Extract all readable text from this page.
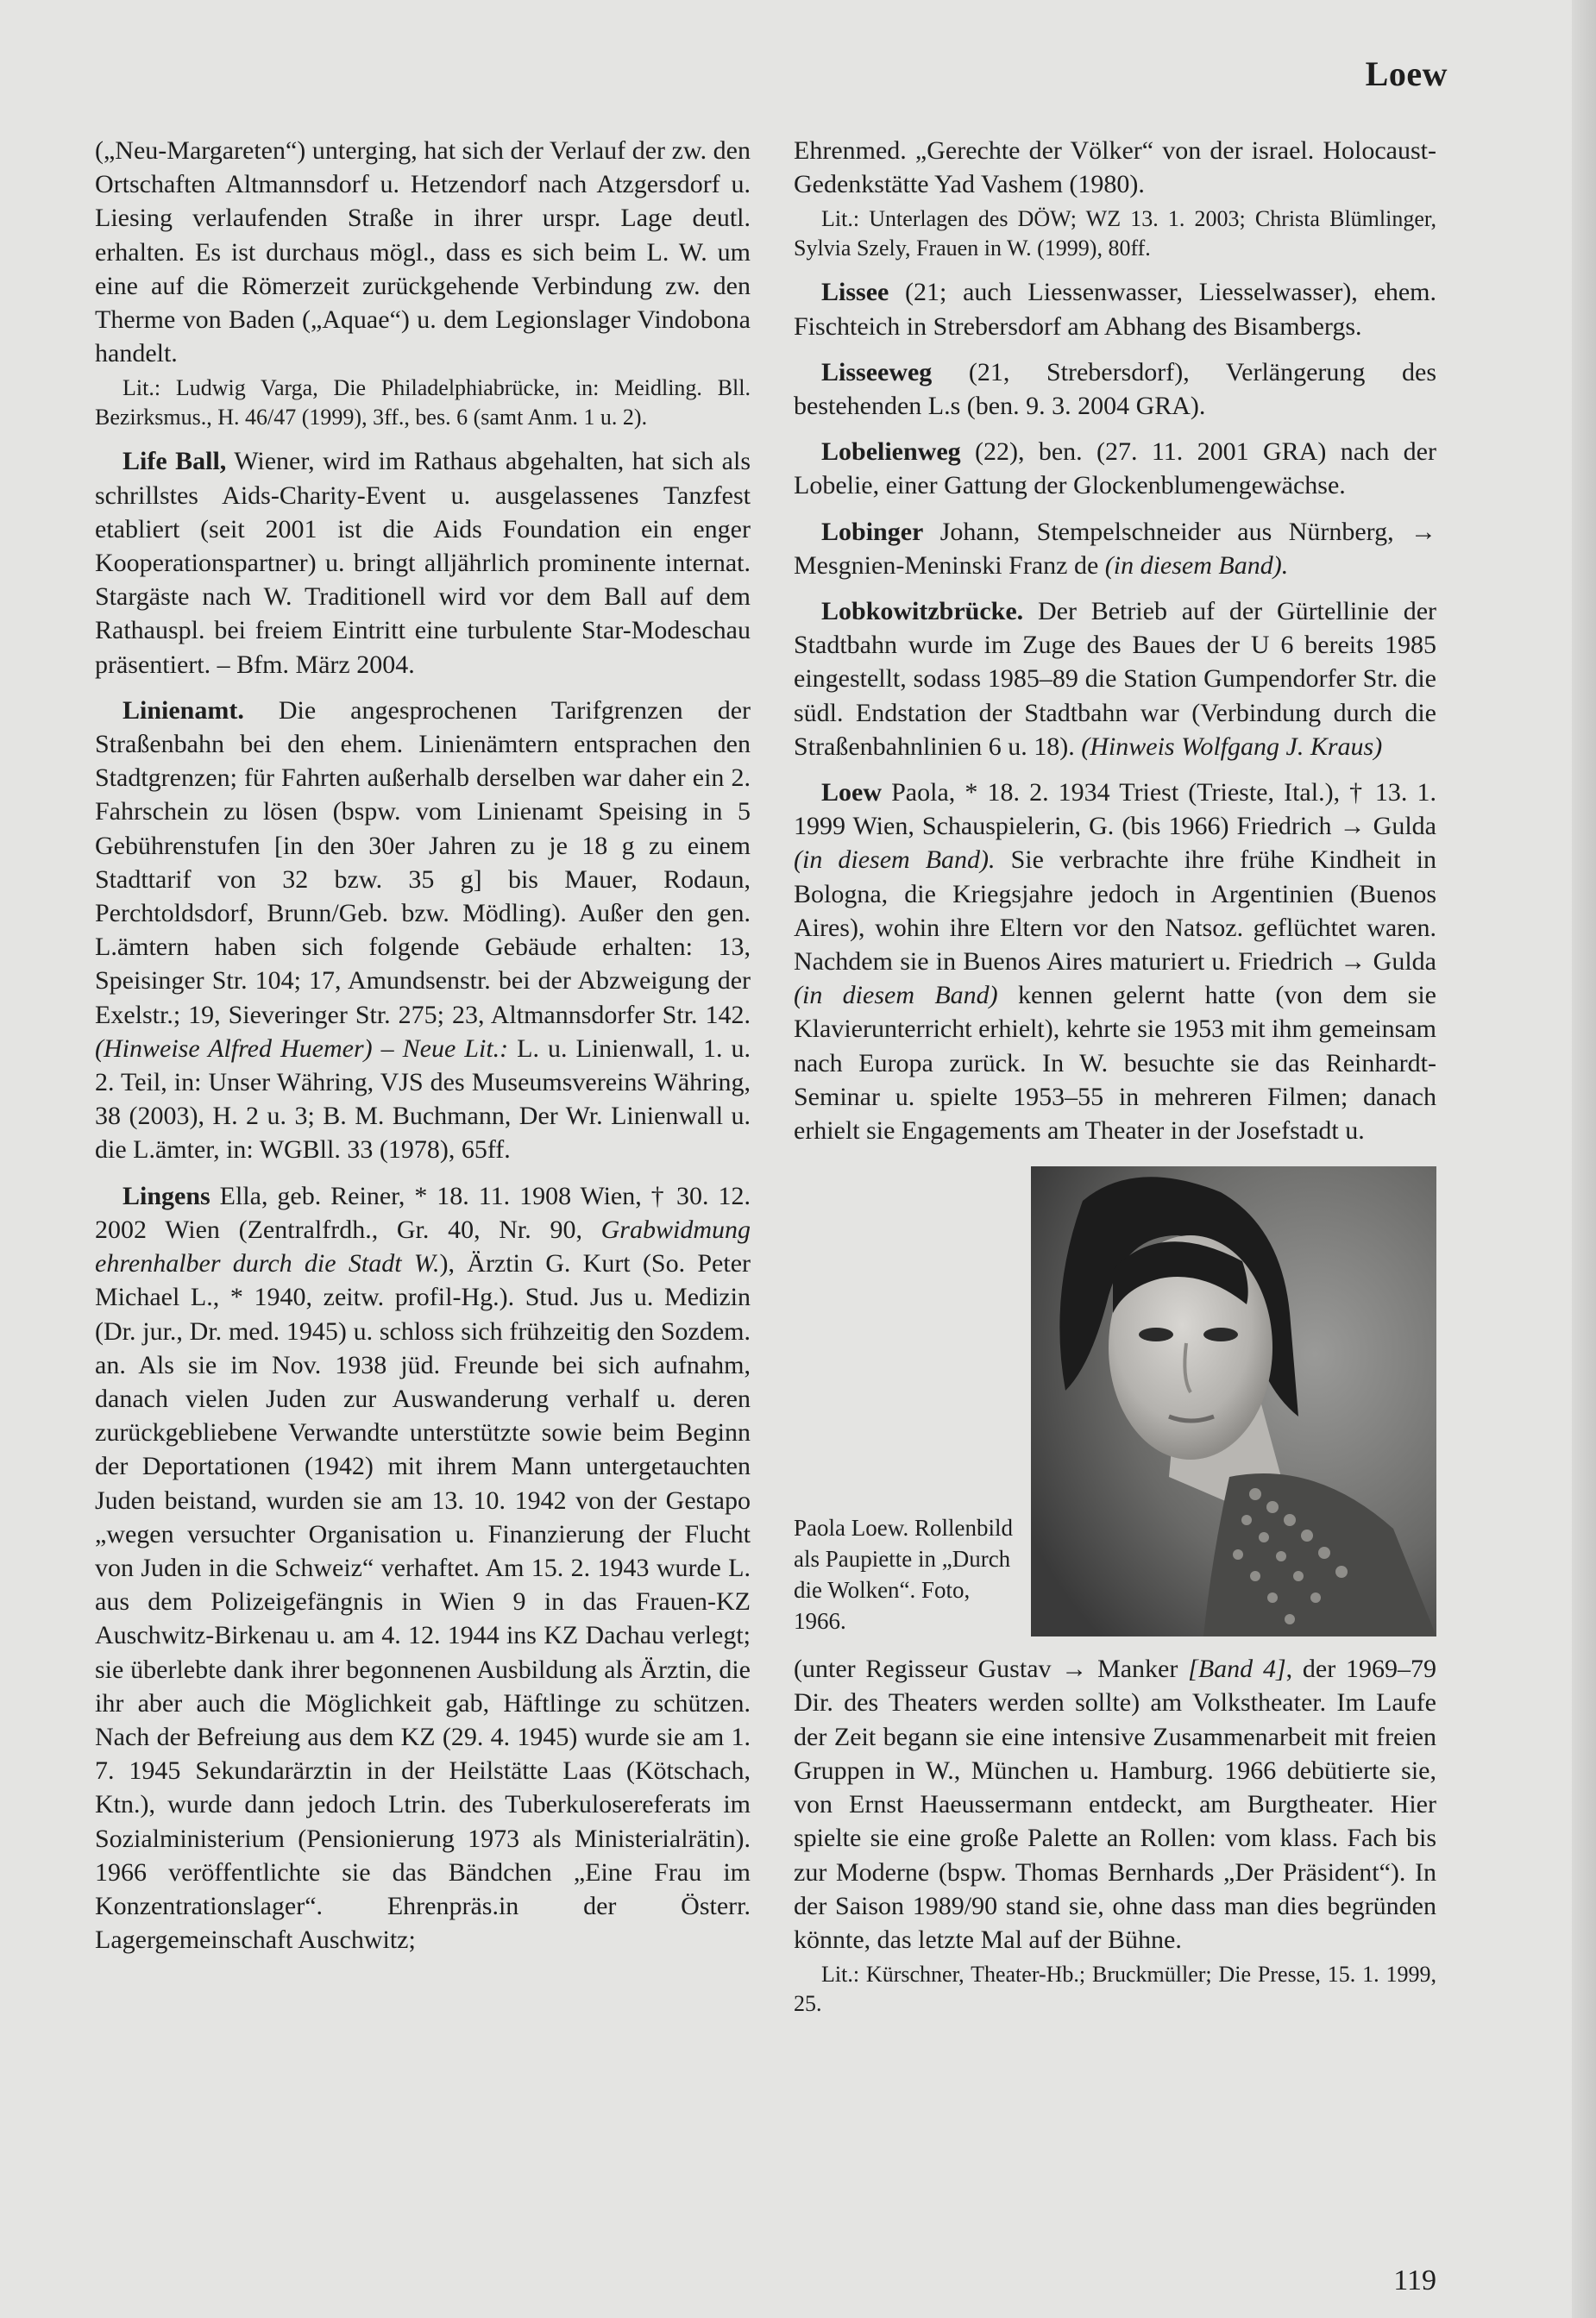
Loew

(„Neu-Margareten“) unterging, hat sich der Verlauf der zw. den Ortschaften Altmannsdorf u. Hetzendorf nach Atzgersdorf u. Liesing verlaufenden Straße in ihrer urspr. Lage deutl. erhalten. Es ist durchaus mögl., dass es sich beim L. W. um eine auf die Römerzeit zurückgehende Verbindung zw. den Therme von Baden („Aquae“) u. dem Legionslager Vindobona handelt.

Lit.: Ludwig Varga, Die Philadelphiabrücke, in: Meidling. Bll. Bezirksmus., H. 46/47 (1999), 3ff., bes. 6 (samt Anm. 1 u. 2).

Life Ball, Wiener, wird im Rathaus abgehalten, hat sich als schrillstes Aids-Charity-Event u. ausgelassenes Tanzfest etabliert (seit 2001 ist die Aids Foundation ein enger Kooperationspartner) u. bringt alljährlich prominente internat. Stargäste nach W. Traditionell wird vor dem Ball auf dem Rathauspl. bei freiem Eintritt eine turbulente Star-Modeschau präsentiert. – Bfm. März 2004.

Linienamt. Die angesprochenen Tarifgrenzen der Straßenbahn bei den ehem. Linienämtern entsprachen den Stadtgrenzen; für Fahrten außerhalb derselben war daher ein 2. Fahrschein zu lösen (bspw. vom Linienamt Speising in 5 Gebührenstufen [in den 30er Jahren zu je 18 g zu einem Stadttarif von 32 bzw. 35 g] bis Mauer, Rodaun, Perchtoldsdorf, Brunn/Geb. bzw. Mödling). Außer den gen. L.ämtern haben sich folgende Gebäude erhalten: 13, Speisinger Str. 104; 17, Amundsenstr. bei der Abzweigung der Exelstr.; 19, Sieveringer Str. 275; 23, Altmannsdorfer Str. 142. (Hinweise Alfred Huemer) – Neue Lit.: L. u. Linienwall, 1. u. 2. Teil, in: Unser Währing, VJS des Museumsvereins Währing, 38 (2003), H. 2 u. 3; B. M. Buchmann, Der Wr. Linienwall u. die L.ämter, in: WGBll. 33 (1978), 65ff.

Lingens Ella, geb. Reiner, * 18. 11. 1908 Wien, † 30. 12. 2002 Wien (Zentralfrdh., Gr. 40, Nr. 90, Grabwidmung ehrenhalber durch die Stadt W.), Ärztin G. Kurt (So. Peter Michael L., * 1940, zeitw. profil-Hg.). Stud. Jus u. Medizin (Dr. jur., Dr. med. 1945) u. schloss sich frühzeitig den Sozdem. an. Als sie im Nov. 1938 jüd. Freunde bei sich aufnahm, danach vielen Juden zur Auswanderung verhalf u. deren zurückgebliebene Verwandte unterstützte sowie beim Beginn der Deportationen (1942) mit ihrem Mann untergetauchten Juden beistand, wurden sie am 13. 10. 1942 von der Gestapo „wegen versuchter Organisation u. Finanzierung der Flucht von Juden in die Schweiz“ verhaftet. Am 15. 2. 1943 wurde L. aus dem Polizeigefängnis in Wien 9 in das Frauen-KZ Auschwitz-Birkenau u. am 4. 12. 1944 ins KZ Dachau verlegt; sie überlebte dank ihrer begonnenen Ausbildung als Ärztin, die ihr aber auch die Möglichkeit gab, Häftlinge zu schützen. Nach der Befreiung aus dem KZ (29. 4. 1945) wurde sie am 1. 7. 1945 Sekundarärztin in der Heilstätte Laas (Kötschach, Ktn.), wurde dann jedoch Ltrin. des Tuberkulosereferats im Sozialministerium (Pensionierung 1973 als Ministerialrätin). 1966 veröffentlichte sie das Bändchen „Eine Frau im Konzentrationslager“. Ehrenpräs.in der Österr. Lagergemeinschaft Auschwitz;

Ehrenmed. „Gerechte der Völker“ von der israel. Holocaust-Gedenkstätte Yad Vashem (1980).

Lit.: Unterlagen des DÖW; WZ 13. 1. 2003; Christa Blümlinger, Sylvia Szely, Frauen in W. (1999), 80ff.

Lissee (21; auch Liessenwasser, Liesselwasser), ehem. Fischteich in Strebersdorf am Abhang des Bisambergs.

Lisseeweg (21, Strebersdorf), Verlängerung des bestehenden L.s (ben. 9. 3. 2004 GRA).

Lobelienweg (22), ben. (27. 11. 2001 GRA) nach der Lobelie, einer Gattung der Glockenblumengewächse.

Lobinger Johann, Stempelschneider aus Nürnberg, → Mesgnien-Meninski Franz de (in diesem Band).

Lobkowitzbrücke. Der Betrieb auf der Gürtellinie der Stadtbahn wurde im Zuge des Baues der U 6 bereits 1985 eingestellt, sodass 1985–89 die Station Gumpendorfer Str. die südl. Endstation der Stadtbahn war (Verbindung durch die Straßenbahnlinien 6 u. 18). (Hinweis Wolfgang J. Kraus)

Loew Paola, * 18. 2. 1934 Triest (Trieste, Ital.), † 13. 1. 1999 Wien, Schauspielerin, G. (bis 1966) Friedrich → Gulda (in diesem Band). Sie verbrachte ihre frühe Kindheit in Bologna, die Kriegsjahre jedoch in Argentinien (Buenos Aires), wohin ihre Eltern vor den Natsoz. geflüchtet waren. Nachdem sie in Buenos Aires maturiert u. Friedrich → Gulda (in diesem Band) kennen gelernt hatte (von dem sie Klavierunterricht erhielt), kehrte sie 1953 mit ihm gemeinsam nach Europa zurück. In W. besuchte sie das Reinhardt-Seminar u. spielte 1953–55 in mehreren Filmen; danach erhielt sie Engagements am Theater in der Josefstadt u.

Paola Loew. Rollenbild als Paupiette in „Durch die Wolken“. Foto, 1966.

(unter Regisseur Gustav → Manker [Band 4], der 1969–79 Dir. des Theaters werden sollte) am Volkstheater. Im Laufe der Zeit begann sie eine intensive Zusammenarbeit mit freien Gruppen in W., München u. Hamburg. 1966 debütierte sie, von Ernst Haeussermann entdeckt, am Burgtheater. Hier spielte sie eine große Palette an Rollen: vom klass. Fach bis zur Moderne (bspw. Thomas Bernhards „Der Präsident“). In der Saison 1989/90 stand sie, ohne dass man dies begründen könnte, das letzte Mal auf der Bühne.

Lit.: Kürschner, Theater-Hb.; Bruckmüller; Die Presse, 15. 1. 1999, 25.

119
